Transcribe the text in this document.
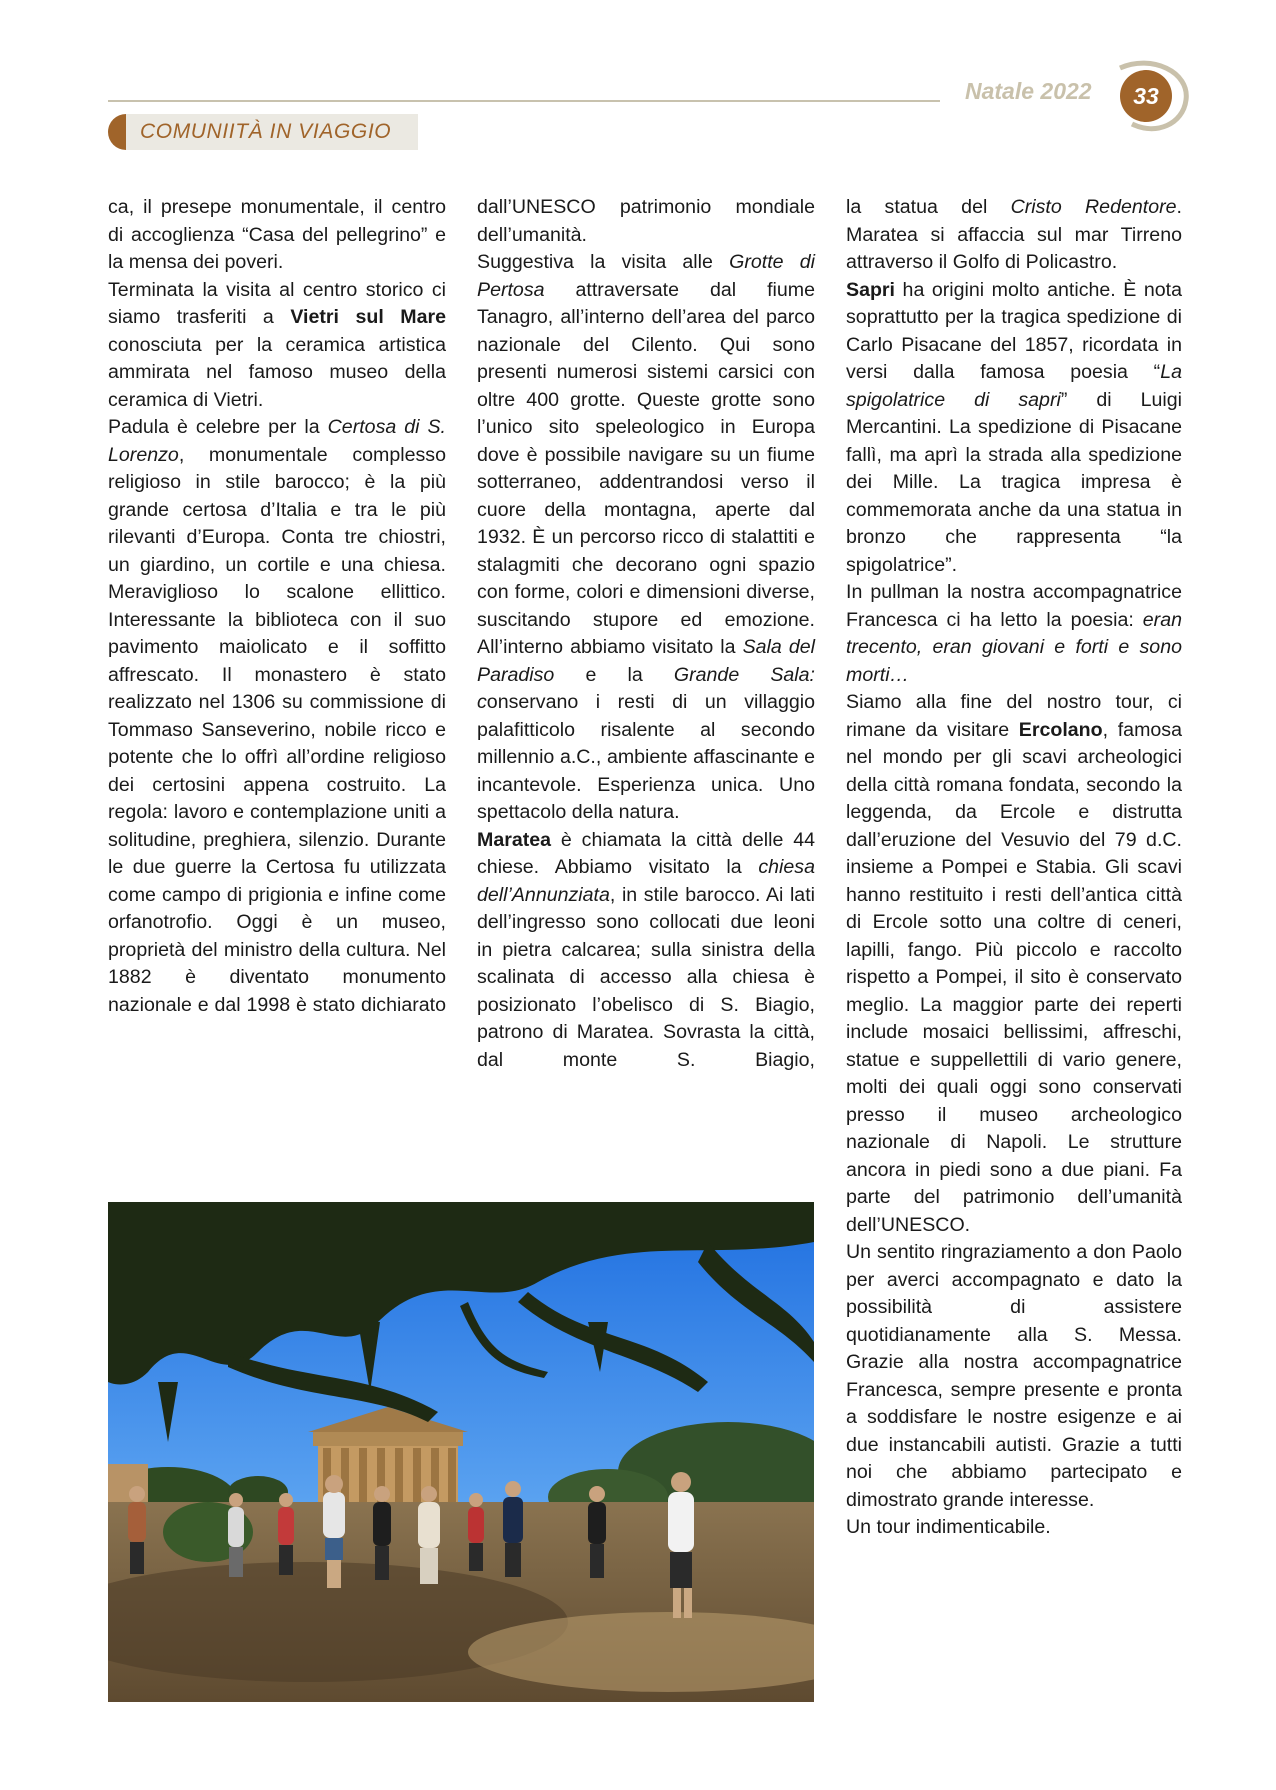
Natale 2022	33
COMUNIITÀ IN VIAGGIO

ca, il presepe monumentale, il centro di accoglienza “Casa del pellegrino” e la mensa dei poveri.

Terminata la visita al centro storico ci siamo trasferiti a Vietri sul Mare conosciuta per la ceramica artistica ammirata nel famoso museo della ceramica di Vietri.

Padula è celebre per la Certosa di S. Lorenzo, monumentale complesso religioso in stile barocco; è la più grande certosa d’Italia e tra le più rilevanti d’Europa. Conta tre chiostri, un giardino, un cortile e una chiesa. Meraviglioso lo scalone ellittico. Interessante la biblioteca con il suo pavimento maiolicato e il soffitto affrescato. Il monastero è stato realizzato nel 1306 su commissione di Tommaso Sanseverino, nobile ricco e potente che lo offrì all’ordine religioso dei certosini appena costruito. La regola: lavoro e contemplazione uniti a solitudine, preghiera, silenzio. Durante le due guerre la Certosa fu utilizzata come campo di prigionia e infine come orfanotrofio. Oggi è un museo, proprietà del ministro della cultura. Nel 1882 è diventato monumento nazionale e dal 1998 è stato dichiarato

dall’UNESCO patrimonio mondiale dell’umanità.

Suggestiva la visita alle Grotte di Pertosa attraversate dal fiume Tanagro, all’interno dell’area del parco nazionale del Cilento. Qui sono presenti numerosi sistemi carsici con oltre 400 grotte. Queste grotte sono l’unico sito speleologico in Europa dove è possibile navigare su un fiume sotterraneo, addentrandosi verso il cuore della montagna, aperte dal 1932. È un percorso ricco di stalattiti e stalagmiti che decorano ogni spazio con forme, colori e dimensioni diverse, suscitando stupore ed emozione. All’interno abbiamo visitato la Sala del Paradiso e la Grande Sala: conservano i resti di un villaggio palafitticolo risalente al secondo millennio a.C., ambiente affascinante e incantevole. Esperienza unica. Uno spettacolo della natura.

Maratea è chiamata la città delle 44 chiese. Abbiamo visitato la chiesa dell’Annunziata, in stile barocco. Ai lati dell’ingresso sono collocati due leoni in pietra calcarea; sulla sinistra della scalinata di accesso alla chiesa è posizionato l’obelisco di S. Biagio, patrono di Maratea. Sovrasta la città, dal monte S. Biagio,

la statua del Cristo Redentore. Maratea si affaccia sul mar Tirreno attraverso il Golfo di Policastro.

Sapri ha origini molto antiche. È nota soprattutto per la tragica spedizione di Carlo Pisacane del 1857, ricordata in versi dalla famosa poesia “La spigolatrice di sapri” di Luigi Mercantini. La spedizione di Pisacane fallì, ma aprì la strada alla spedizione dei Mille. La tragica impresa è commemorata anche da una statua in bronzo che rappresenta “la spigolatrice”.

In pullman la nostra accompagnatrice Francesca ci ha letto la poesia: eran trecento, eran giovani e forti e sono morti…

Siamo alla fine del nostro tour, ci rimane da visitare Ercolano, famosa nel mondo per gli scavi archeologici della città romana fondata, secondo la leggenda, da Ercole e distrutta dall’eruzione del Vesuvio del 79 d.C. insieme a Pompei e Stabia. Gli scavi hanno restituito i resti dell’antica città di Ercole sotto una coltre di ceneri, lapilli, fango. Più piccolo e raccolto rispetto a Pompei, il sito è conservato meglio. La maggior parte dei reperti include mosaici bellissimi, affreschi, statue e suppellettili di vario genere, molti dei quali oggi sono conservati presso il museo archeologico nazionale di Napoli. Le strutture ancora in piedi sono a due piani. Fa parte del patrimonio dell’umanità dell’UNESCO.

Un sentito ringraziamento a don Paolo per averci accompagnato e dato la possibilità di assistere quotidianamente alla S. Messa. Grazie alla nostra accompagnatrice Francesca, sempre presente e pronta a soddisfare le nostre esigenze e ai due instancabili autisti. Grazie a tutti noi che abbiamo partecipato e dimostrato grande interesse.

Un tour indimenticabile.
